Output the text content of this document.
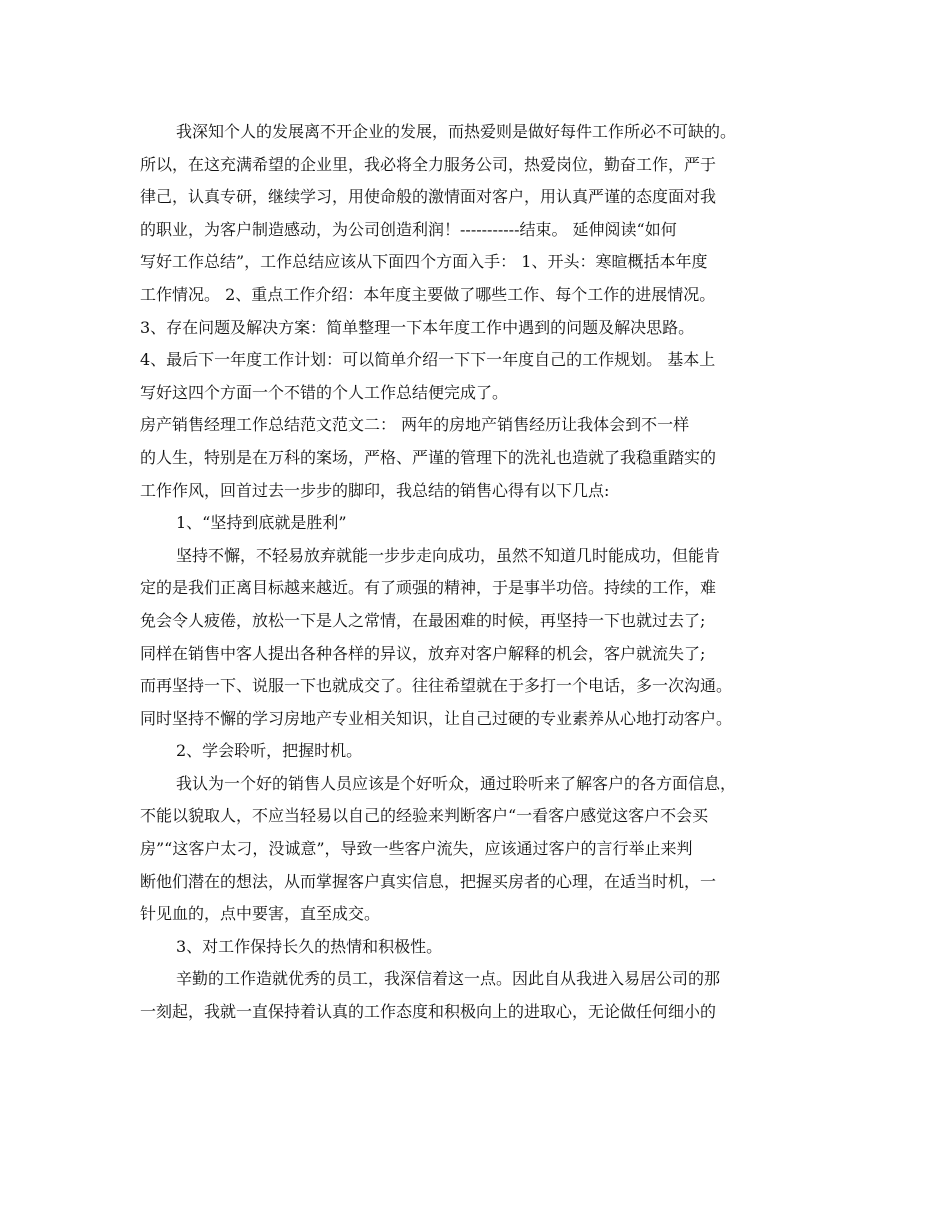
我深知个人的发展离不开企业的发展，而热爱则是做好每件工作所必不可缺的。
所以，在这充满希望的企业里，我必将全力服务公司，热爱岗位，勤奋工作，严于
律己，认真专研，继续学习，用使命般的激情面对客户，用认真严谨的态度面对我
的职业，为客户制造感动，为公司创造利润！-----------结束。 延伸阅读“如何
写好工作总结”，工作总结应该从下面四个方面入手： 1、开头：寒暄概括本年度
工作情况。 2、重点工作介绍：本年度主要做了哪些工作、每个工作的进展情况。
3、存在问题及解决方案：简单整理一下本年度工作中遇到的问题及解决思路。
4、最后下一年度工作计划：可以简单介绍一下下一年度自己的工作规划。 基本上
写好这四个方面一个不错的个人工作总结便完成了。
房产销售经理工作总结范文范文二： 两年的房地产销售经历让我体会到不一样
的人生，特别是在万科的案场，严格、严谨的管理下的洗礼也造就了我稳重踏实的
工作作风，回首过去一步步的脚印，我总结的销售心得有以下几点:
1、“坚持到底就是胜利”
坚持不懈，不轻易放弃就能一步步走向成功，虽然不知道几时能成功，但能肯
定的是我们正离目标越来越近。有了顽强的精神，于是事半功倍。持续的工作，难
免会令人疲倦，放松一下是人之常情，在最困难的时候，再坚持一下也就过去了;
同样在销售中客人提出各种各样的异议，放弃对客户解释的机会，客户就流失了;
而再坚持一下、说服一下也就成交了。往往希望就在于多打一个电话，多一次沟通。
同时坚持不懈的学习房地产专业相关知识，让自己过硬的专业素养从心地打动客户。
2、学会聆听，把握时机。
我认为一个好的销售人员应该是个好听众，通过聆听来了解客户的各方面信息，
不能以貌取人，不应当轻易以自己的经验来判断客户“一看客户感觉这客户不会买
房”“这客户太刁，没诚意”，导致一些客户流失，应该通过客户的言行举止来判
断他们潜在的想法，从而掌握客户真实信息，把握买房者的心理，在适当时机，一
针见血的，点中要害，直至成交。
3、对工作保持长久的热情和积极性。
辛勤的工作造就优秀的员工，我深信着这一点。因此自从我进入易居公司的那
一刻起，我就一直保持着认真的工作态度和积极向上的进取心，无论做任何细小的
